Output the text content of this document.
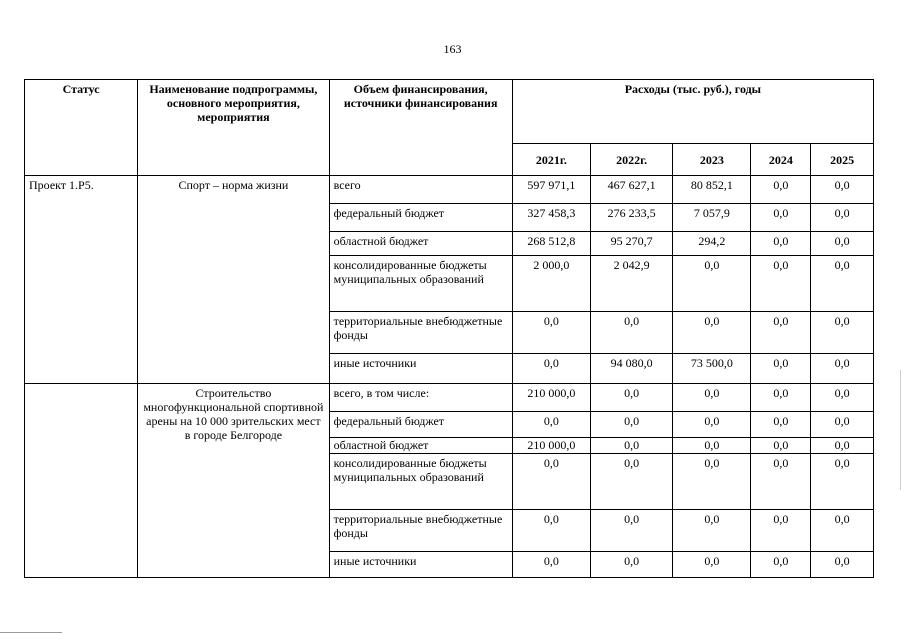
163
Статус	Наименование подпрограммы, основного мероприятия, мероприятия	Объем финансирования, источники финансирования	Расходы (тыс. руб.), годы				
			2021г.	2022г.	2023	2024	2025
Проект 1.Р5.	Спорт – норма жизни	всего	597 971,1	467 627,1	80 852,1	0,0	0,0
		федеральный бюджет	327 458,3	276 233,5	7 057,9	0,0	0,0
		областной бюджет	268 512,8	95 270,7	294,2	0,0	0,0
		консолидированные бюджеты муниципальных образований	2 000,0	2 042,9	0,0	0,0	0,0
		территориальные внебюджетные фонды	0,0	0,0	0,0	0,0	0,0
		иные источники	0,0	94 080,0	73 500,0	0,0	0,0
	Строительство многофункциональной спортивной арены на 10 000 зрительских мест в городе Белгороде	всего, в том числе:	210 000,0	0,0	0,0	0,0	0,0
		федеральный бюджет	0,0	0,0	0,0	0,0	0,0
		областной бюджет	210 000,0	0,0	0,0	0,0	0,0
		консолидированные бюджеты муниципальных образований	0,0	0,0	0,0	0,0	0,0
		территориальные внебюджетные фонды	0,0	0,0	0,0	0,0	0,0
		иные источники	0,0	0,0	0,0	0,0	0,0
